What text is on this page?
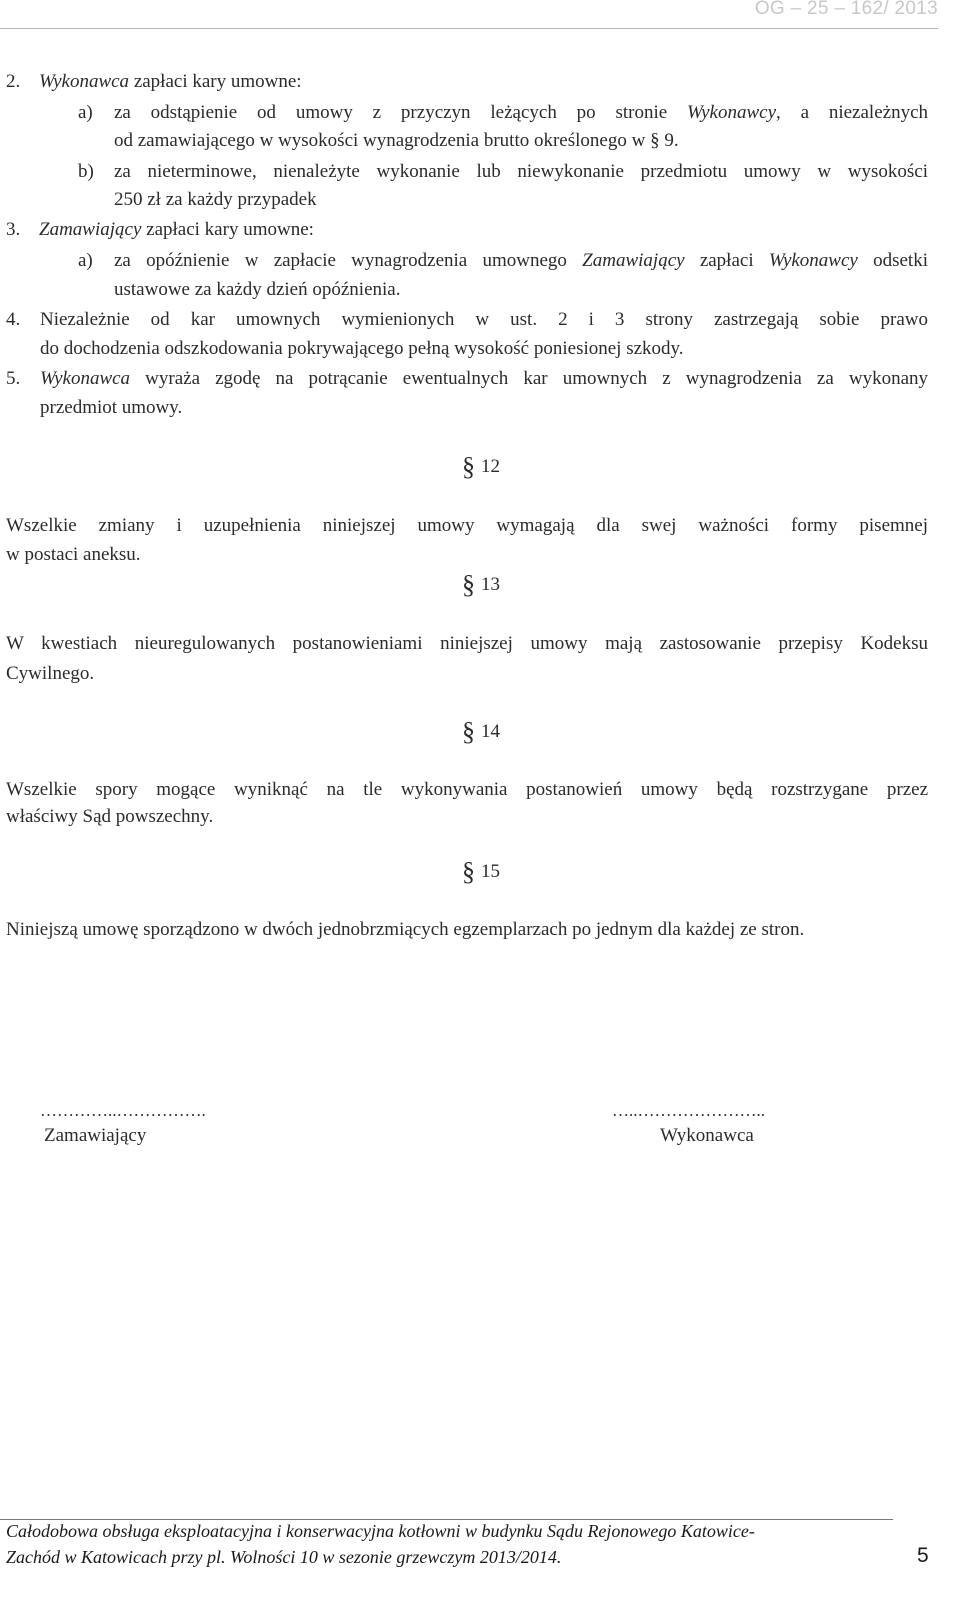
OG – 25 – 162/ 2013
2. Wykonawca zapłaci kary umowne:
a) za odstąpienie od umowy z przyczyn leżących po stronie Wykonawcy, a niezależnych
od zamawiającego w wysokości wynagrodzenia brutto określonego w § 9.
b) za nieterminowe, nienależyte wykonanie lub niewykonanie przedmiotu umowy w wysokości
250 zł za każdy przypadek
3. Zamawiający zapłaci kary umowne:
a) za opóźnienie w zapłacie wynagrodzenia umownego Zamawiający zapłaci Wykonawcy odsetki
ustawowe za każdy dzień opóźnienia.
4. Niezależnie od kar umownych wymienionych w ust. 2 i 3 strony zastrzegają sobie prawo
do dochodzenia odszkodowania pokrywającego pełną wysokość poniesionej szkody.
5. Wykonawca wyraża zgodę na potrącanie ewentualnych kar umownych z wynagrodzenia za wykonany
przedmiot umowy.
§ 12
Wszelkie zmiany i uzupełnienia niniejszej umowy wymagają dla swej ważności formy pisemnej
w postaci aneksu.
§ 13
W kwestiach nieuregulowanych postanowieniami niniejszej umowy mają zastosowanie przepisy Kodeksu
Cywilnego.
§ 14
Wszelkie spory mogące wyniknąć na tle wykonywania postanowień umowy będą rozstrzygane przez
właściwy Sąd powszechny.
§ 15
Niniejszą umowę sporządzono w dwóch jednobrzmiących egzemplarzach po jednym dla każdej ze stron.
…………..…………….
Zamawiający
…..…………………..
Wykonawca
Całodobowa obsługa eksploatacyjna i konserwacyjna kotłowni w budynku Sądu Rejonowego Katowice-
Zachód w Katowicach przy pl. Wolności 10 w sezonie grzewczym 2013/2014.	5
